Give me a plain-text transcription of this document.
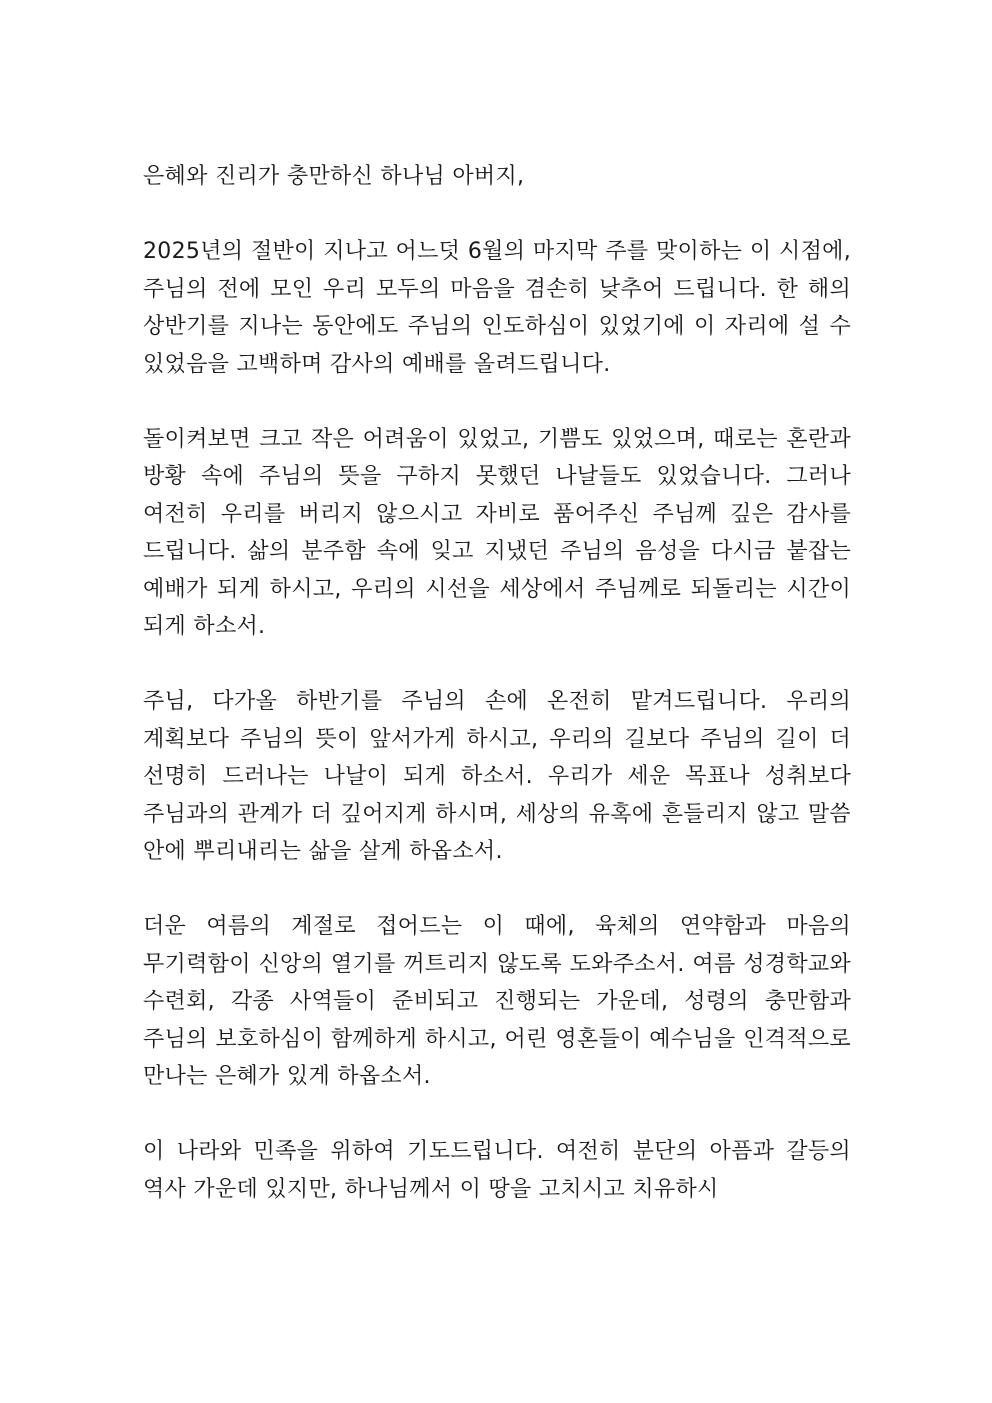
은혜와 진리가 충만하신 하나님 아버지,

2025년의 절반이 지나고 어느덧 6월의 마지막 주를 맞이하는 이 시점에, 주님의 전에 모인 우리 모두의 마음을 겸손히 낮추어 드립니다. 한 해의 상반기를 지나는 동안에도 주님의 인도하심이 있었기에 이 자리에 설 수 있었음을 고백하며 감사의 예배를 올려드립니다.

돌이켜보면 크고 작은 어려움이 있었고, 기쁨도 있었으며, 때로는 혼란과 방황 속에 주님의 뜻을 구하지 못했던 나날들도 있었습니다. 그러나 여전히 우리를 버리지 않으시고 자비로 품어주신 주님께 깊은 감사를 드립니다. 삶의 분주함 속에 잊고 지냈던 주님의 음성을 다시금 붙잡는 예배가 되게 하시고, 우리의 시선을 세상에서 주님께로 되돌리는 시간이 되게 하소서.

주님, 다가올 하반기를 주님의 손에 온전히 맡겨드립니다. 우리의 계획보다 주님의 뜻이 앞서가게 하시고, 우리의 길보다 주님의 길이 더 선명히 드러나는 나날이 되게 하소서. 우리가 세운 목표나 성취보다 주님과의 관계가 더 깊어지게 하시며, 세상의 유혹에 흔들리지 않고 말씀 안에 뿌리내리는 삶을 살게 하옵소서.

더운 여름의 계절로 접어드는 이 때에, 육체의 연약함과 마음의 무기력함이 신앙의 열기를 꺼트리지 않도록 도와주소서. 여름 성경학교와 수련회, 각종 사역들이 준비되고 진행되는 가운데, 성령의 충만함과 주님의 보호하심이 함께하게 하시고, 어린 영혼들이 예수님을 인격적으로 만나는 은혜가 있게 하옵소서.

이 나라와 민족을 위하여 기도드립니다. 여전히 분단의 아픔과 갈등의 역사 가운데 있지만, 하나님께서 이 땅을 고치시고 치유하시
